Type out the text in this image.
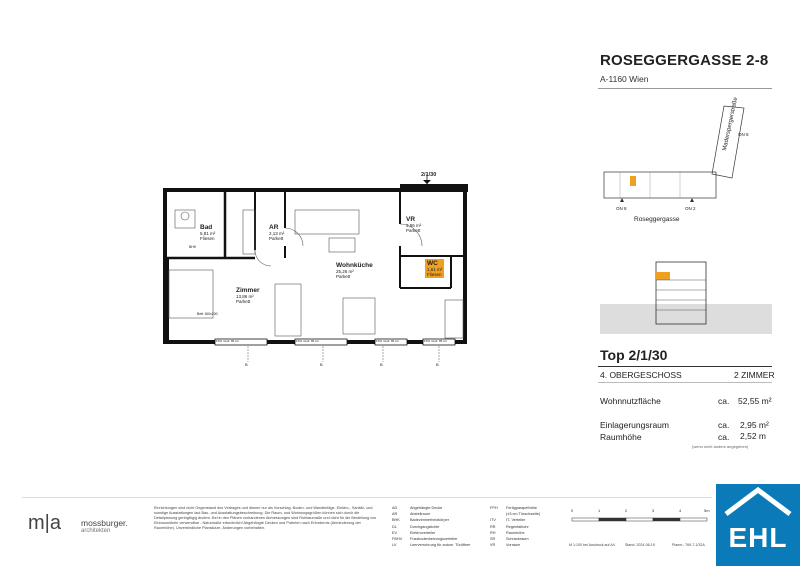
ROSEGGERGASSE 2-8
A-1160 Wien
2/1/30
Bad
5,81 m²
Fliesen
AR
2,13 m²
Parkett
VR
3,86 m²
Parkett
WC
1,61 m²
Fliesen
Wohnküche
25,26 m²
Parkett
Zimmer
13,86 m²
Parkett
BHK
Bett 160x200
FPH mind. 85 cm	FPH mind. 85 cm	FPH mind. 85 cm	FPH mind. 85 cm
B	B	B	B
ON 8	ON 2
ON 6
Roseggergasse
Maderspergerstraße
Top 2/1/30
4. OBERGESCHOSS	2 ZIMMER
Wohnnutzfläche	ca. 52,55 m²
Einlagerungsraum	ca. 2,95 m²
Raumhöhe	ca. 2,52 m
(wenn nicht anders angegeben)
m|a mossburger.
architekten
Einrichtungen sind nicht Gegenstand des Vertrages und dienen nur als Vorschlag. Boden- und Wandbeläge, Elektro-, Sanitär- und sonstige Ausstattungen laut Bau- und Ausstattungsbeschreibung. Die Raum- und Wohnungsgrößen können sich durch die Detailplanung geringfügig ändern. Bei in den Plänen vorhandenen Abmessungen sind Rohbaumaße und nicht für die Bestellung von Einbaumöbeln verwendbar - Naturmaße erforderlich! Abgehängte Decken und Poterien nach Erfordernis (Abminderung der Raumhöhe). Unverbindliche Planskizze, Änderungen vorbehalten.
AD	Abgehängte Decke
AR	Abstellraum
BHK	Badezimmerheizkörper
DL	Durchgangslichte
EV	Elektroverteiler
FBHV Fussbodenheizungsverteiler
LV	Leerverrohrung für autom. Türöffner
FPH Fertigparapethöhe
(±3 cm Türschwelle)
ITV	IT- Verteiler
RR	Regenfallrohr
RH	Raumhöhe
SR	Schrankraum
VR	Vorraum
0	1	2	3	4	5m
M 1:100 bei Ausdruck auf A4	Stand: 2024-06-19	Planm.: 769-7.1/32A EHL
